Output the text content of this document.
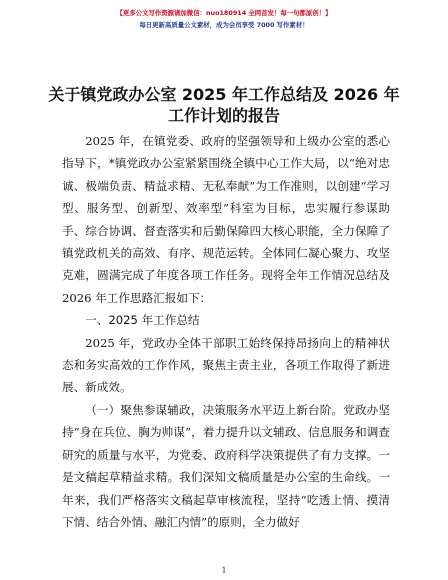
【更多公文写作资源请加微信：nuo180914 全网首发！每一句都原创！】
每日更新高质量公文素材，成为会员享受 7000 写作素材！
关于镇党政办公室 2025 年工作总结及 2026 年
工作计划的报告

2025 年，在镇党委、政府的坚强领导和上级办公室的悉心指导下，*镇党政办公室紧紧围绕全镇中心工作大局，以“绝对忠诚、极端负责、精益求精、无私奉献”为工作准则，以创建“学习型、服务型、创新型、效率型”科室为目标，忠实履行参谋助手、综合协调、督查落实和后勤保障四大核心职能，全力保障了镇党政机关的高效、有序、规范运转。全体同仁凝心聚力、攻坚克难，圆满完成了年度各项工作任务。现将全年工作情况总结及 2026 年工作思路汇报如下：

一、2025 年工作总结

2025 年，党政办全体干部职工始终保持昂扬向上的精神状态和务实高效的工作作风，聚焦主责主业，各项工作取得了新进展、新成效。

（一）聚焦参谋辅政，决策服务水平迈上新台阶。党政办坚持“身在兵位、胸为帅谋”，着力提升以文辅政、信息服务和调查研究的质量与水平，为党委、政府科学决策提供了有力支撑。一是文稿起草精益求精。我们深知文稿质量是办公室的生命线。一年来，我们严格落实文稿起草审核流程，坚持“吃透上情、摸清下情、结合外情、融汇内情”的原则，全力做好

1
